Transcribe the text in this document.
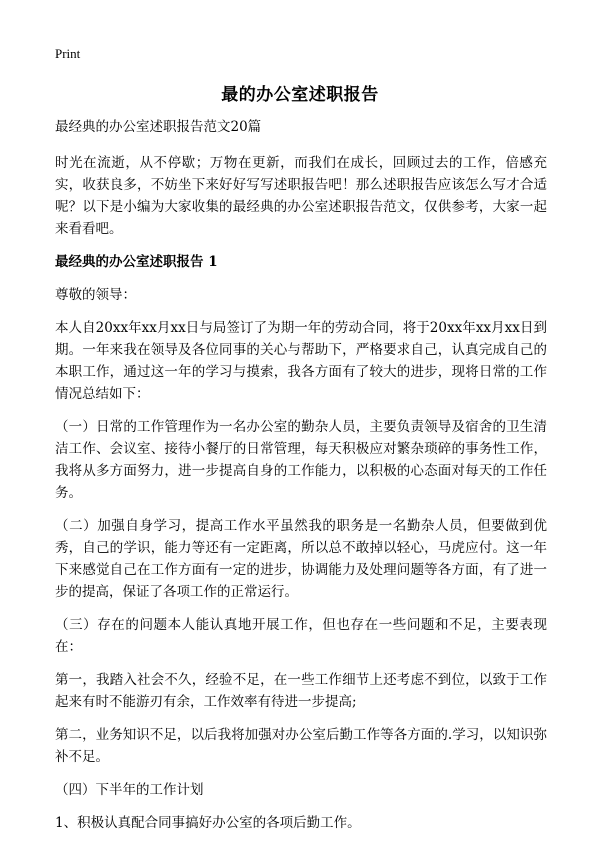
Print
最的办公室述职报告
最经典的办公室述职报告范文20篇
时光在流逝，从不停歇；万物在更新，而我们在成长，回顾过去的工作，倍感充实，收获良多，不妨坐下来好好写写述职报告吧！那么述职报告应该怎么写才合适呢？以下是小编为大家收集的最经典的办公室述职报告范文，仅供参考，大家一起来看看吧。
最经典的办公室述职报告 1
尊敬的领导：
本人自20xx年xx月xx日与局签订了为期一年的劳动合同，将于20xx年xx月xx日到期。一年来我在领导及各位同事的关心与帮助下，严格要求自己，认真完成自己的本职工作，通过这一年的学习与摸索，我各方面有了较大的进步，现将日常的工作情况总结如下：
（一）日常的工作管理作为一名办公室的勤杂人员，主要负责领导及宿舍的卫生清洁工作、会议室、接待小餐厅的日常管理，每天积极应对繁杂琐碎的事务性工作，我将从多方面努力，进一步提高自身的工作能力，以积极的心态面对每天的工作任务。
（二）加强自身学习，提高工作水平虽然我的职务是一名勤杂人员，但要做到优秀，自己的学识，能力等还有一定距离，所以总不敢掉以轻心，马虎应付。这一年下来感觉自己在工作方面有一定的进步，协调能力及处理问题等各方面，有了进一步的提高，保证了各项工作的正常运行。
（三）存在的问题本人能认真地开展工作，但也存在一些问题和不足，主要表现在：
第一，我踏入社会不久，经验不足，在一些工作细节上还考虑不到位，以致于工作起来有时不能游刃有余，工作效率有待进一步提高;
第二，业务知识不足，以后我将加强对办公室后勤工作等各方面的.学习，以知识弥补不足。
（四）下半年的工作计划
1、积极认真配合同事搞好办公室的各项后勤工作。
